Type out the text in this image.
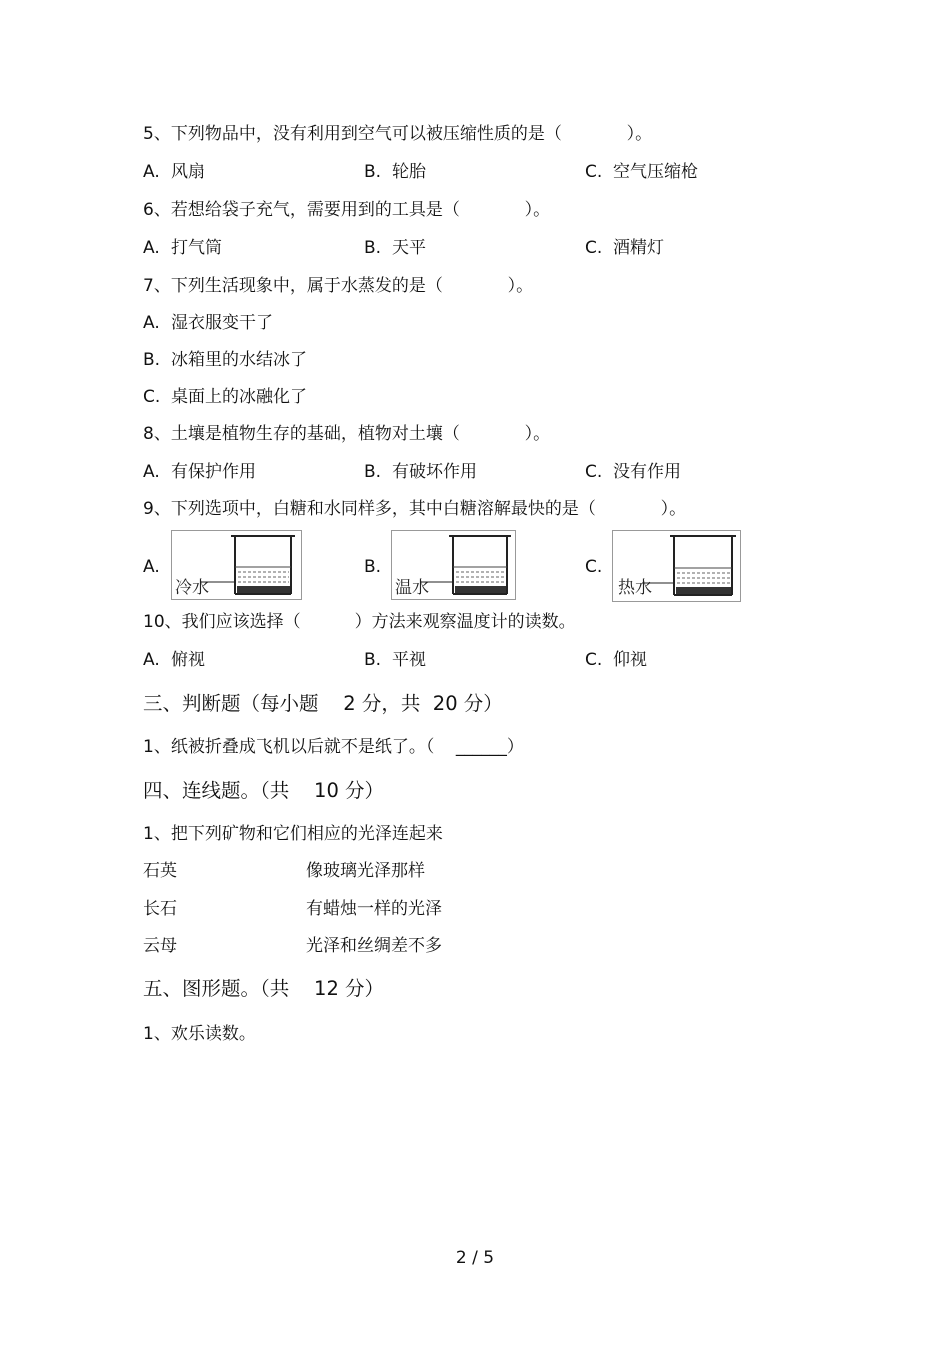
5、下列物品中，没有利用到空气可以被压缩性质的是（            ）。
A. 风扇	B. 轮胎	C. 空气压缩枪
6、若想给袋子充气，需要用到的工具是（            ）。
A. 打气筒	B. 天平	C. 酒精灯
7、下列生活现象中，属于水蒸发的是（            ）。
A. 湿衣服变干了
B. 冰箱里的水结冰了
C. 桌面上的冰融化了
8、土壤是植物生存的基础，植物对土壤（            ）。
A. 有保护作用	B. 有破坏作用	C. 没有作用
9、下列选项中，白糖和水同样多，其中白糖溶解最快的是（            ）。
A.
冷水
B.
温水
C.
热水
10、我们应该选择（          ）方法来观察温度计的读数。
A. 俯视	B. 平视	C. 仰视
三、判断题（每小题    2 分，共  20 分）
1、纸被折叠成飞机以后就不是纸了。（    ______）
四、连线题。（共    10 分）
1、把下列矿物和它们相应的光泽连起来
石英	像玻璃光泽那样
长石	有蜡烛一样的光泽
云母	光泽和丝绸差不多
五、图形题。（共    12 分）
1、欢乐读数。
2 / 5
